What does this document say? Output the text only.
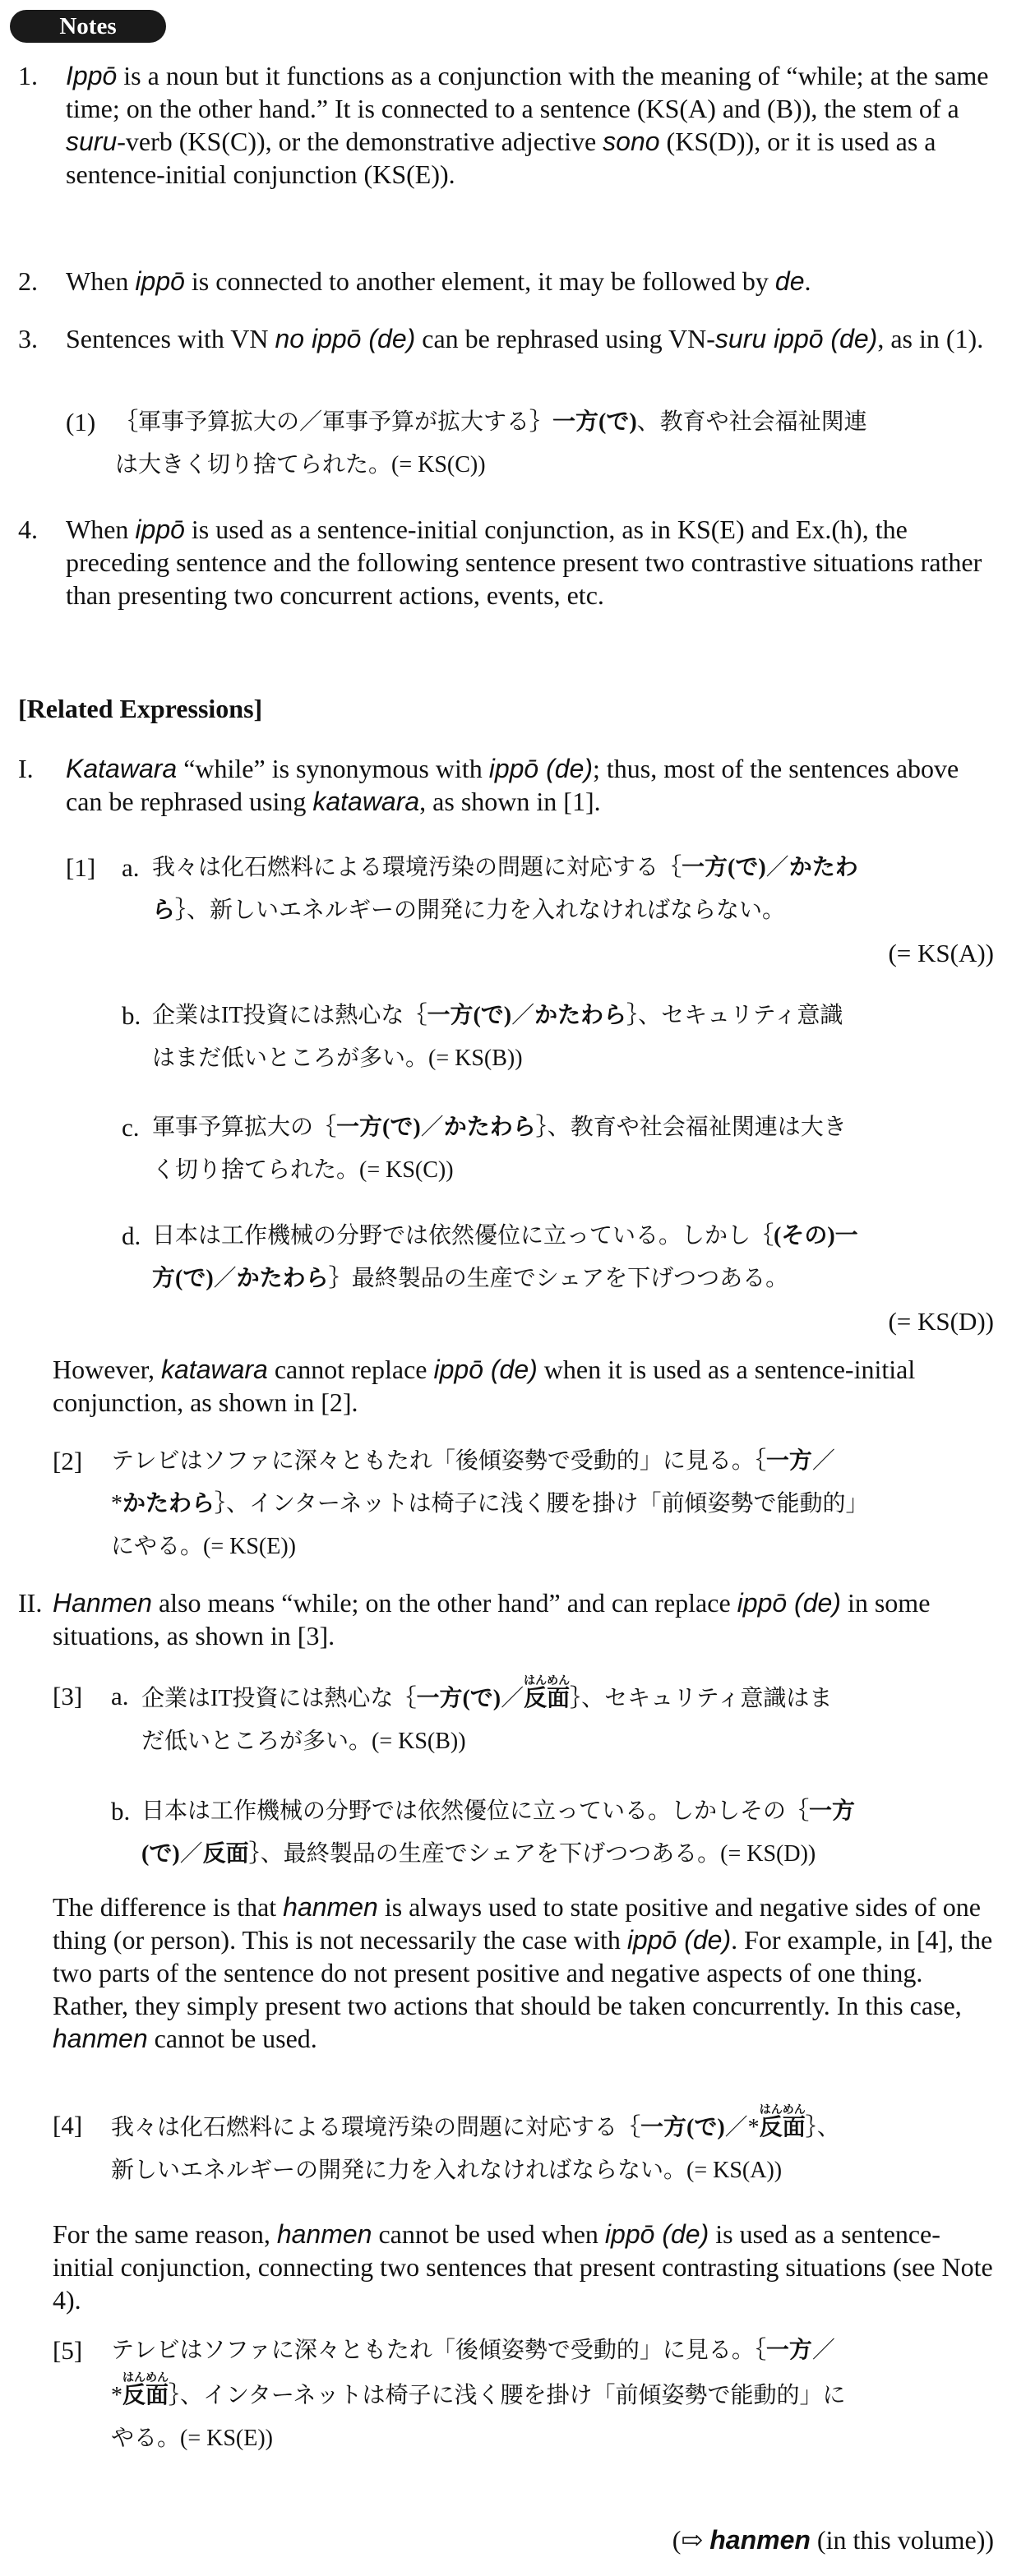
Notes
1. Ippō is a noun but it functions as a conjunction with the meaning of “while; at the same time; on the other hand.” It is connected to a sentence (KS(A) and (B)), the stem of a suru-verb (KS(C)), or the demonstrative adjective sono (KS(D)), or it is used as a sentence-initial conjunction (KS(E)).
2. When ippō is connected to another element, it may be followed by de.
3. Sentences with VN no ippō (de) can be rephrased using VN-suru ippō (de), as in (1).
(1) ｛軍事予算拡大の／軍事予算が拡大する｝一方(で)、教育や社会福祉関連
は大きく切り捨てられた。(= KS(C))
4. When ippō is used as a sentence-initial conjunction, as in KS(E) and Ex.(h), the preceding sentence and the following sentence present two contrastive situations rather than presenting two concurrent actions, events, etc.
[Related Expressions]
I. Katawara “while” is synonymous with ippō (de); thus, most of the sentences above can be rephrased using katawara, as shown in [1].
[1] a. 我々は化石燃料による環境汚染の問題に対応する｛一方(で)／かたわ
ら｝、新しいエネルギーの開発に力を入れなければならない。
(= KS(A))
b. 企業はIT投資には熱心な｛一方(で)／かたわら｝、セキュリティ意識
はまだ低いところが多い。(= KS(B))
c. 軍事予算拡大の｛一方(で)／かたわら｝、教育や社会福祉関連は大き
く切り捨てられた。(= KS(C))
d. 日本は工作機械の分野では依然優位に立っている。しかし｛(その)一
方(で)／かたわら｝最終製品の生産でシェアを下げつつある。
(= KS(D))
However, katawara cannot replace ippō (de) when it is used as a sentence-initial conjunction, as shown in [2].
[2] テレビはソファに深々ともたれ「後傾姿勢で受動的」に見る。｛一方／
*かたわら｝、インターネットは椅子に浅く腰を掛け「前傾姿勢で能動的」
にやる。(= KS(E))
II. Hanmen also means “while; on the other hand” and can replace ippō (de) in some situations, as shown in [3].
[3] a. 企業はIT投資には熱心な｛一方(で)／反面はんめん｝、セキュリティ意識はま
だ低いところが多い。(= KS(B))
b. 日本は工作機械の分野では依然優位に立っている。しかしその｛一方
(で)／反面｝、最終製品の生産でシェアを下げつつある。(= KS(D))
The difference is that hanmen is always used to state positive and negative sides of one thing (or person). This is not necessarily the case with ippō (de). For example, in [4], the two parts of the sentence do not present positive and negative aspects of one thing. Rather, they simply present two actions that should be taken concurrently. In this case, hanmen cannot be used.
[4] 我々は化石燃料による環境汚染の問題に対応する｛一方(で)／*反面はんめん｝、
新しいエネルギーの開発に力を入れなければならない。(= KS(A))
For the same reason, hanmen cannot be used when ippō (de) is used as a sentence-initial conjunction, connecting two sentences that present contrasting situations (see Note 4).
[5] テレビはソファに深々ともたれ「後傾姿勢で受動的」に見る。｛一方／
*反面はんめん｝、インターネットは椅子に浅く腰を掛け「前傾姿勢で能動的」に
やる。(= KS(E))
(⇨ hanmen (in this volume))
